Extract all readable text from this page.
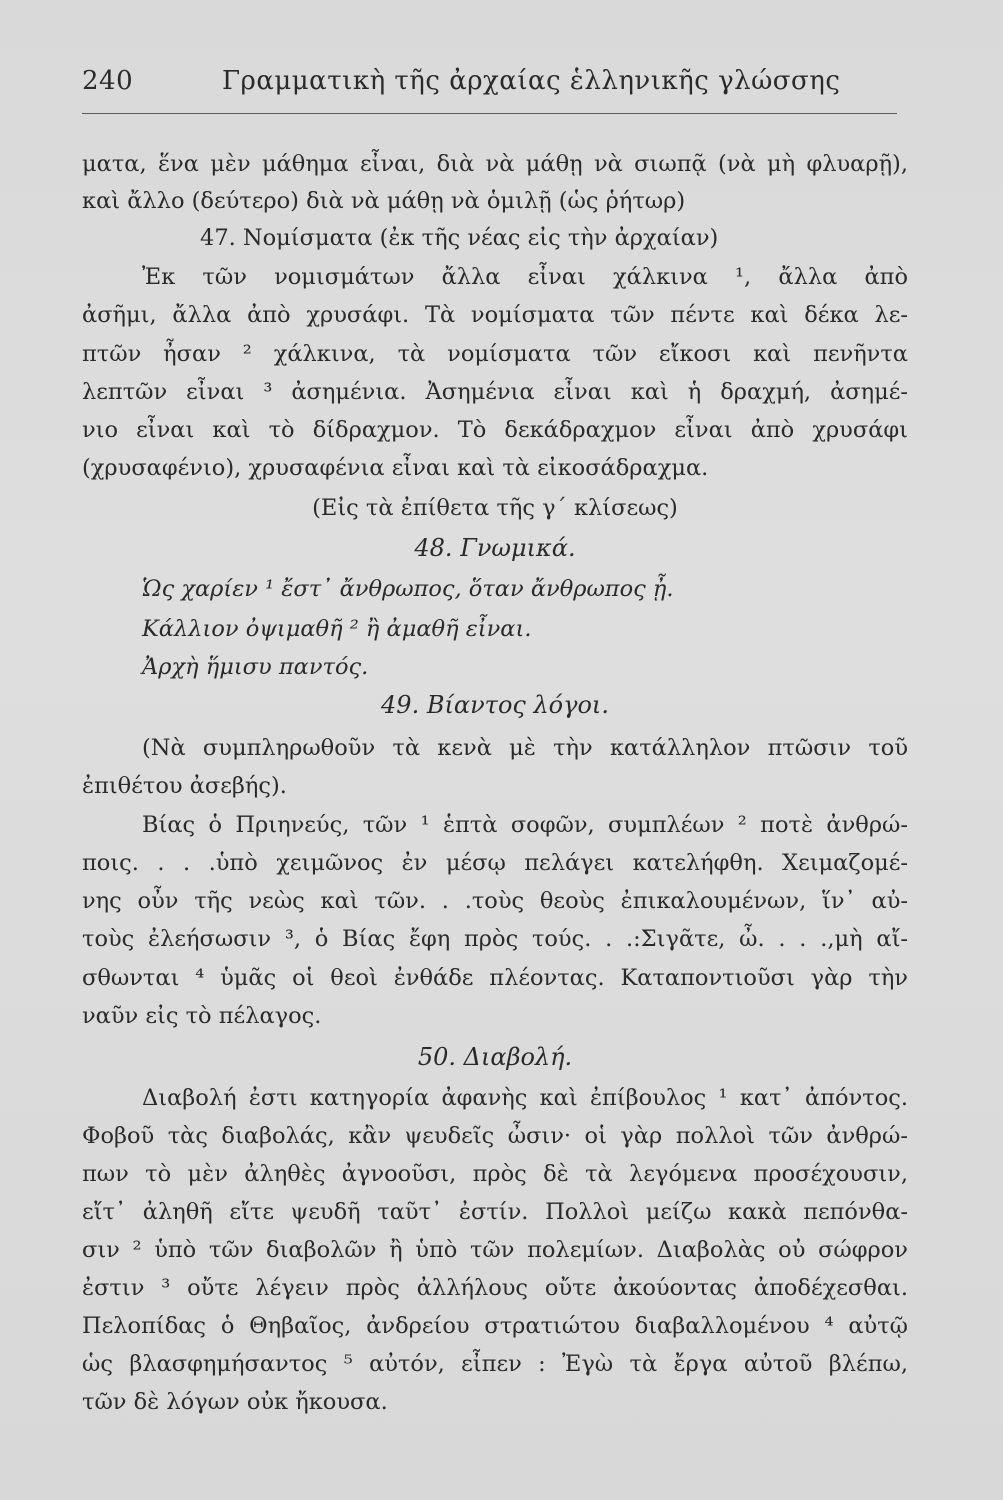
240	Γραμματικὴ τῆς ἀρχαίας ἑλληνικῆς γλώσσης
ματα, ἕνα μὲν μάθημα εἶναι, διὰ νὰ μάθῃ νὰ σιωπᾷ (νὰ μὴ φλυαρῇ),
καὶ ἄλλο (δεύτερο) διὰ νὰ μάθῃ νὰ ὁμιλῇ (ὡς ῥήτωρ)
47. Νομίσματα (ἐκ τῆς νέας εἰς τὴν ἀρχαίαν)
Ἐκ τῶν νομισμάτων ἄλλα εἶναι χάλκινα ¹, ἄλλα ἀπὸ
ἀσῆμι, ἄλλα ἀπὸ χρυσάφι. Τὰ νομίσματα τῶν πέντε καὶ δέκα λε-
πτῶν ἦσαν ² χάλκινα, τὰ νομίσματα τῶν εἴκοσι καὶ πενῆντα
λεπτῶν εἶναι ³ ἀσημένια. Ἀσημένια εἶναι καὶ ἡ δραχμή, ἀσημέ-
νιο εἶναι καὶ τὸ δίδραχμον. Τὸ δεκάδραχμον εἶναι ἀπὸ χρυσάφι
(χρυσαφένιο), χρυσαφένια εἶναι καὶ τὰ εἰκοσάδραχμα.
(Εἰς τὰ ἐπίθετα τῆς γ΄ κλίσεως)
48. Γνωμικά.
Ὡς χαρίεν ¹ ἔστ᾽ ἄνθρωπος, ὅταν ἄνθρωπος ᾖ.
Κάλλιον ὀψιμαθῆ ² ἢ ἀμαθῆ εἶναι.
Ἀρχὴ ἥμισυ παντός.
49. Βίαντος λόγοι.
(Νὰ συμπληρωθοῦν τὰ κενὰ μὲ τὴν κατάλληλον πτῶσιν τοῦ
ἐπιθέτου ἀσεβής).
Βίας ὁ Πριηνεύς, τῶν ¹ ἑπτὰ σοφῶν, συμπλέων ² ποτὲ ἀνθρώ-
ποις. . . .ὑπὸ χειμῶνος ἐν μέσῳ πελάγει κατελήφθη. Χειμαζομέ-
νης οὖν τῆς νεὼς καὶ τῶν. . .τοὺς θεοὺς ἐπικαλουμένων, ἵν᾽ αὐ-
τοὺς ἐλεήσωσιν ³, ὁ Βίας ἔφη πρὸς τούς. . .:Σιγᾶτε, ὦ. . . .,μὴ αἴ-
σθωνται ⁴ ὑμᾶς οἱ θεοὶ ἐνθάδε πλέοντας. Καταποντιοῦσι γὰρ τὴν
ναῦν εἰς τὸ πέλαγος.
50. Διαβολή.
Διαβολή ἐστι κατηγορία ἀφανὴς καὶ ἐπίβουλος ¹ κατ᾽ ἀπόντος.
Φοβοῦ τὰς διαβολάς, κἂν ψευδεῖς ὦσιν· οἱ γὰρ πολλοὶ τῶν ἀνθρώ-
πων τὸ μὲν ἀληθὲς ἀγνοοῦσι, πρὸς δὲ τὰ λεγόμενα προσέχουσιν,
εἴτ᾽ ἀληθῆ εἴτε ψευδῆ ταῦτ᾽ ἐστίν. Πολλοὶ μείζω κακὰ πεπόνθα-
σιν ² ὑπὸ τῶν διαβολῶν ἢ ὑπὸ τῶν πολεμίων. Διαβολὰς οὐ σώφρον
ἐστιν ³ οὔτε λέγειν πρὸς ἀλλήλους οὔτε ἀκούοντας ἀποδέχεσθαι.
Πελοπίδας ὁ Θηβαῖος, ἀνδρείου στρατιώτου διαβαλλομένου ⁴ αὐτῷ
ὡς βλασφημήσαντος ⁵ αὐτόν, εἶπεν : Ἐγὼ τὰ ἔργα αὐτοῦ βλέπω,
τῶν δὲ λόγων οὐκ ἤκουσα.
